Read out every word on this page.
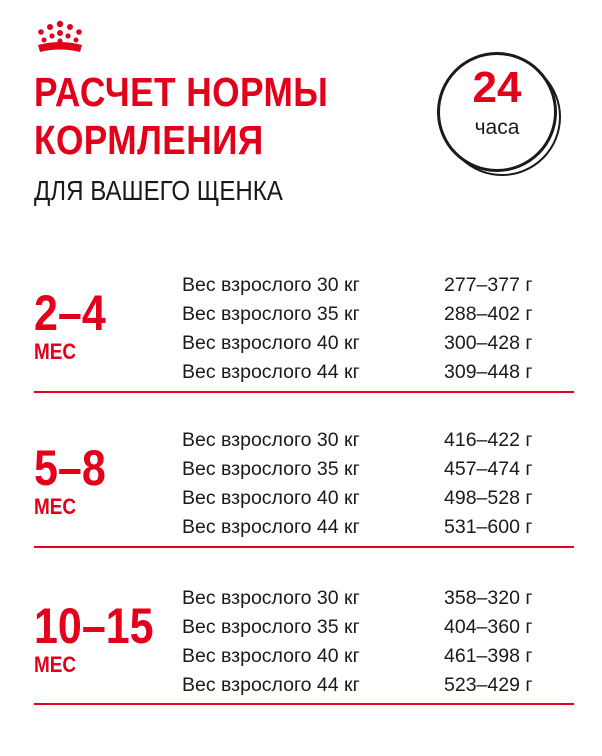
РАСЧЕТ НОРМЫ
КОРМЛЕНИЯ

ДЛЯ ВАШЕГО ЩЕНКА

24
часа
2–4
МЕС
Вес взрослого 30 кг	277–377 г
Вес взрослого 35 кг	288–402 г
Вес взрослого 40 кг	300–428 г
Вес взрослого 44 кг	309–448 г
5–8
МЕС
Вес взрослого 30 кг	416–422 г
Вес взрослого 35 кг	457–474 г
Вес взрослого 40 кг	498–528 г
Вес взрослого 44 кг	531–600 г
10–15
МЕС
Вес взрослого 30 кг	358–320 г
Вес взрослого 35 кг	404–360 г
Вес взрослого 40 кг	461–398 г
Вес взрослого 44 кг	523–429 г
